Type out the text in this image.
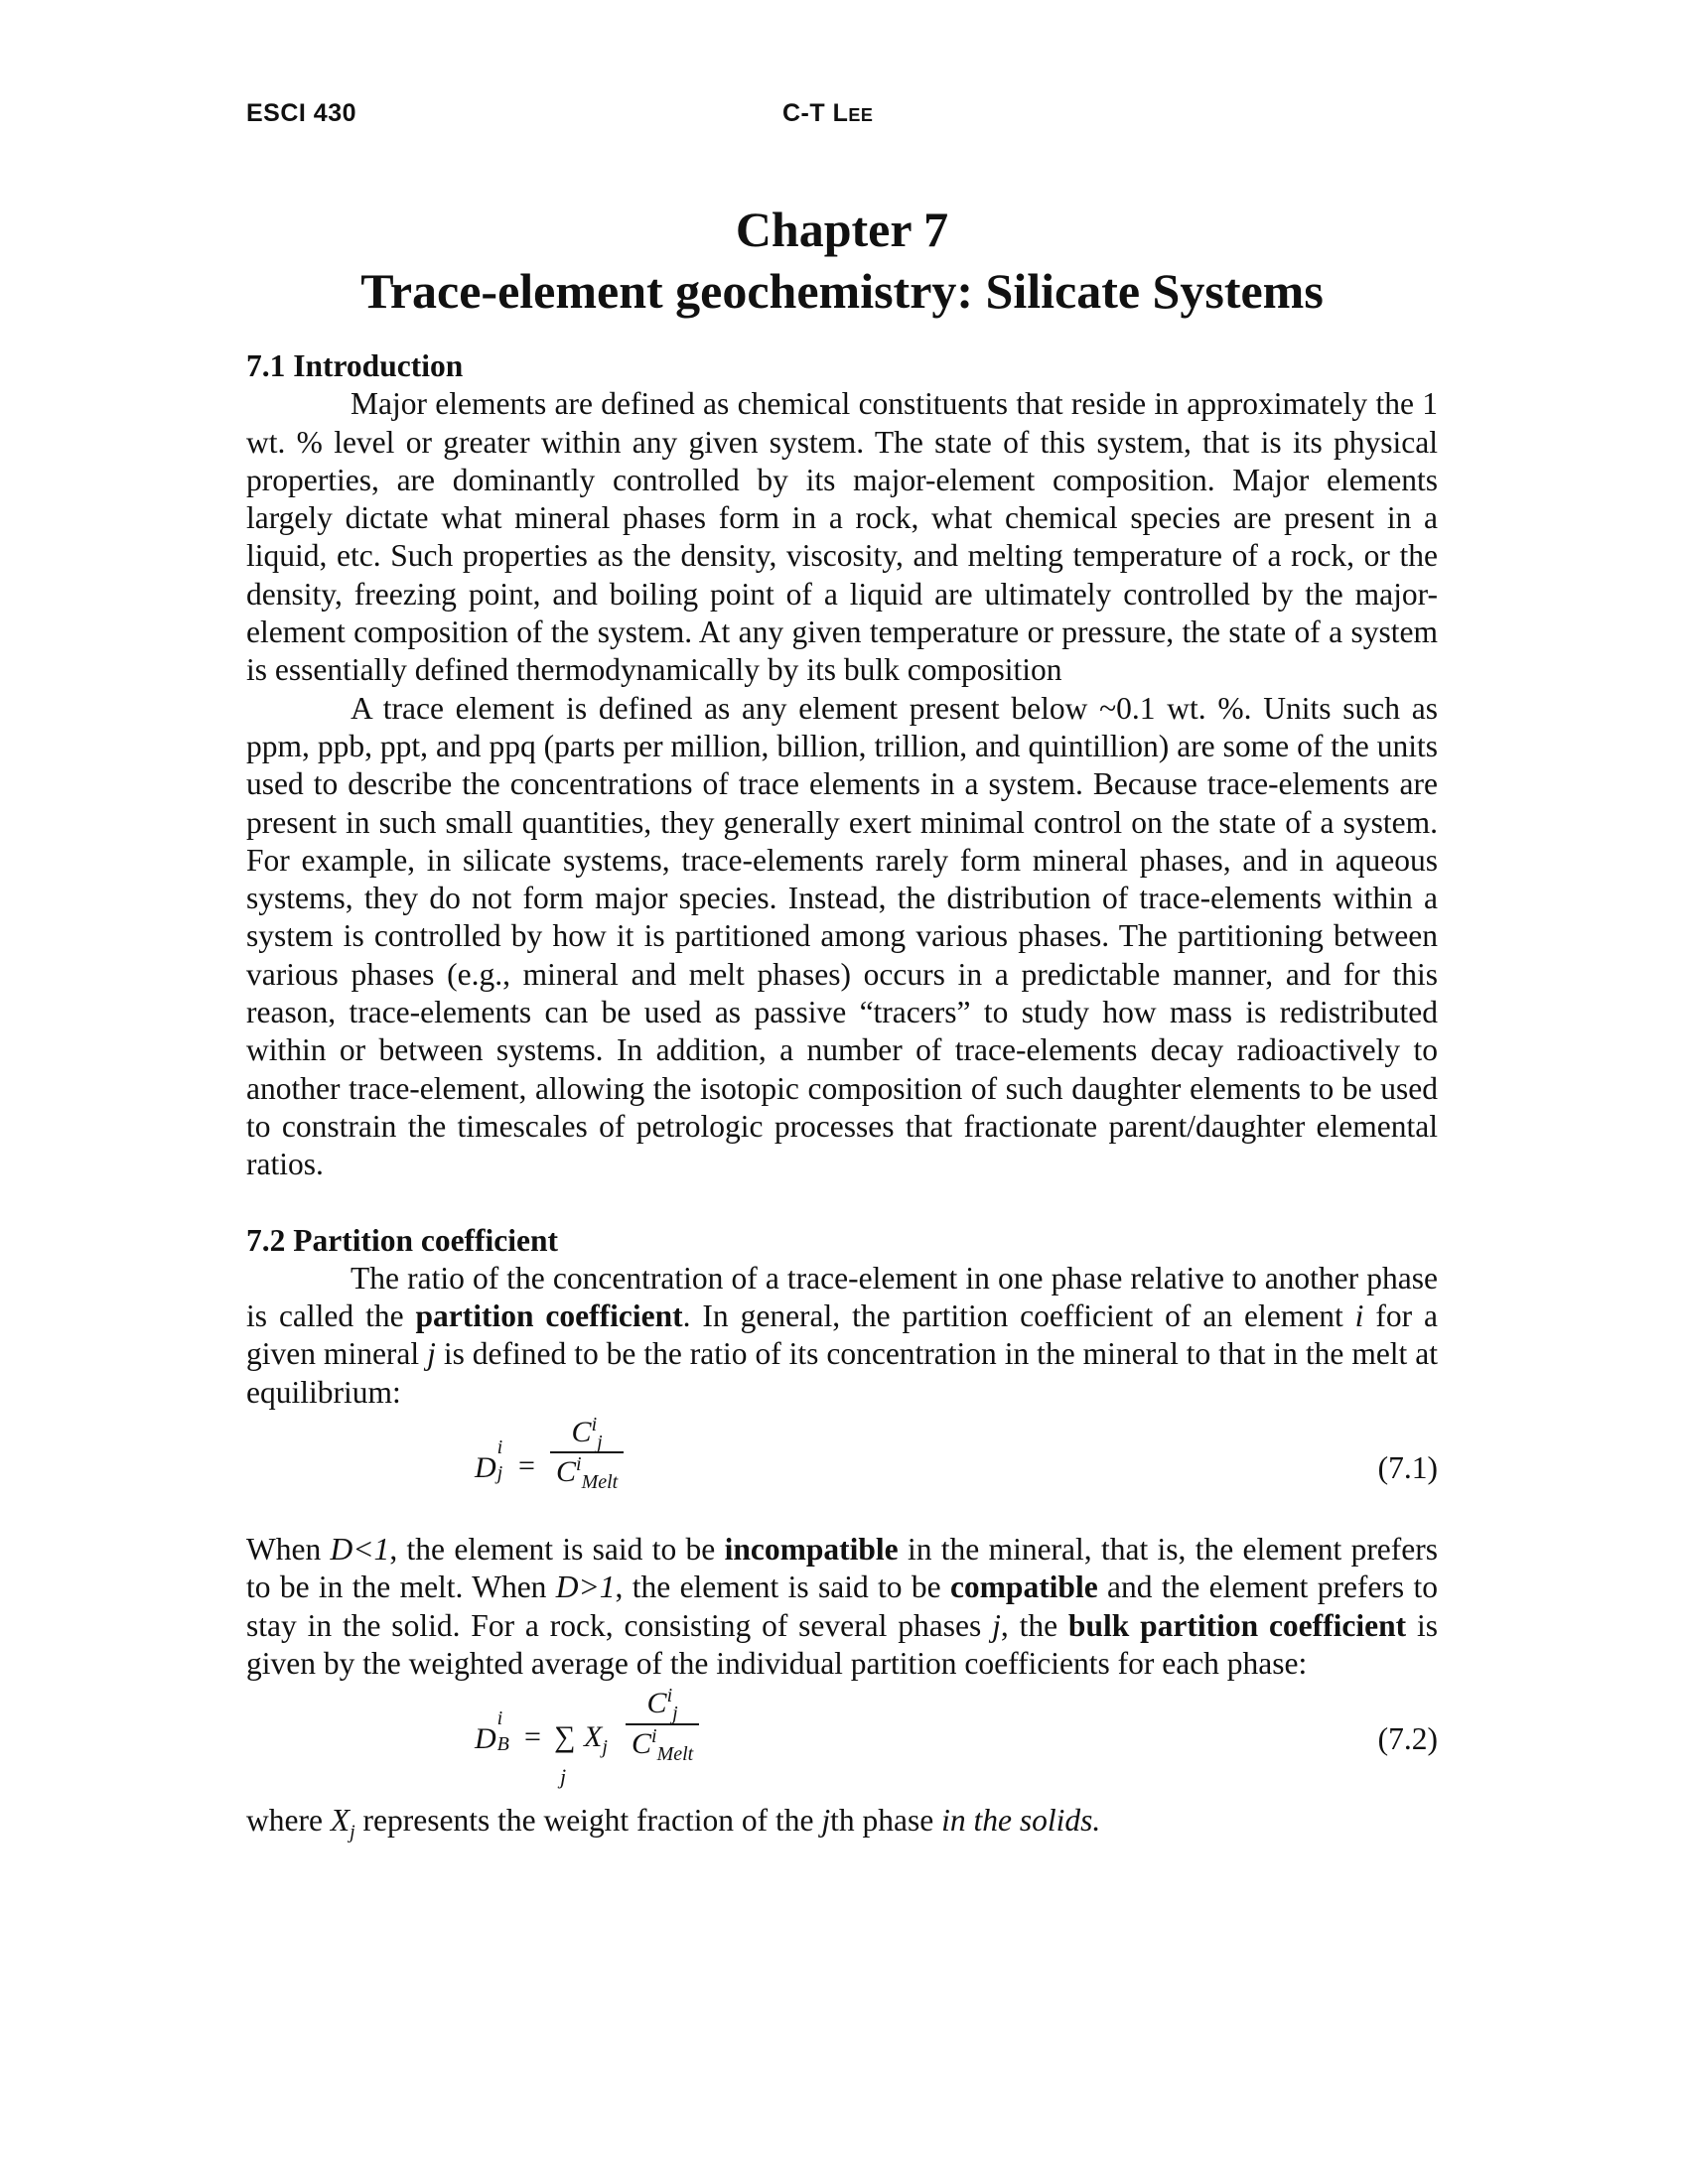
ESCI 430	C-T Lee
Chapter 7
Trace-element geochemistry: Silicate Systems

7.1 Introduction

Major elements are defined as chemical constituents that reside in approximately the 1 wt. % level or greater within any given system. The state of this system, that is its physical properties, are dominantly controlled by its major-element composition. Major elements largely dictate what mineral phases form in a rock, what chemical species are present in a liquid, etc. Such properties as the density, viscosity, and melting temperature of a rock, or the density, freezing point, and boiling point of a liquid are ultimately controlled by the major-element composition of the system. At any given temperature or pressure, the state of a system is essentially defined thermodynamically by its bulk composition

A trace element is defined as any element present below ~0.1 wt. %. Units such as ppm, ppb, ppt, and ppq (parts per million, billion, trillion, and quintillion) are some of the units used to describe the concentrations of trace elements in a system. Because trace-elements are present in such small quantities, they generally exert minimal control on the state of a system. For example, in silicate systems, trace-elements rarely form mineral phases, and in aqueous systems, they do not form major species. Instead, the distribution of trace-elements within a system is controlled by how it is partitioned among various phases. The partitioning between various phases (e.g., mineral and melt phases) occurs in a predictable manner, and for this reason, trace-elements can be used as passive “tracers” to study how mass is redistributed within or between systems. In addition, a number of trace-elements decay radioactively to another trace-element, allowing the isotopic composition of such daughter elements to be used to constrain the timescales of petrologic processes that fractionate parent/daughter elemental ratios.

7.2 Partition coefficient

The ratio of the concentration of a trace-element in one phase relative to another phase is called the partition coefficient. In general, the partition coefficient of an element i for a given mineral j is defined to be the ratio of its concentration in the mineral to that in the melt at equilibrium:

D
i
j =
$C^i_j$
$C^i_{Melt}$	(7.1)

When D<1, the element is said to be incompatible in the mineral, that is, the element prefers to be in the melt. When D>1, the element is said to be compatible and the element prefers to stay in the solid. For a rock, consisting of several phases j, the bulk partition coefficient is given by the weighted average of the individual partition coefficients for each phase:

D
i
B = ∑
j
$X_j$
$C^i_j$
$C^i_{Melt}$	(7.2)

where $X_j$ represents the weight fraction of the jth phase in the solids.
